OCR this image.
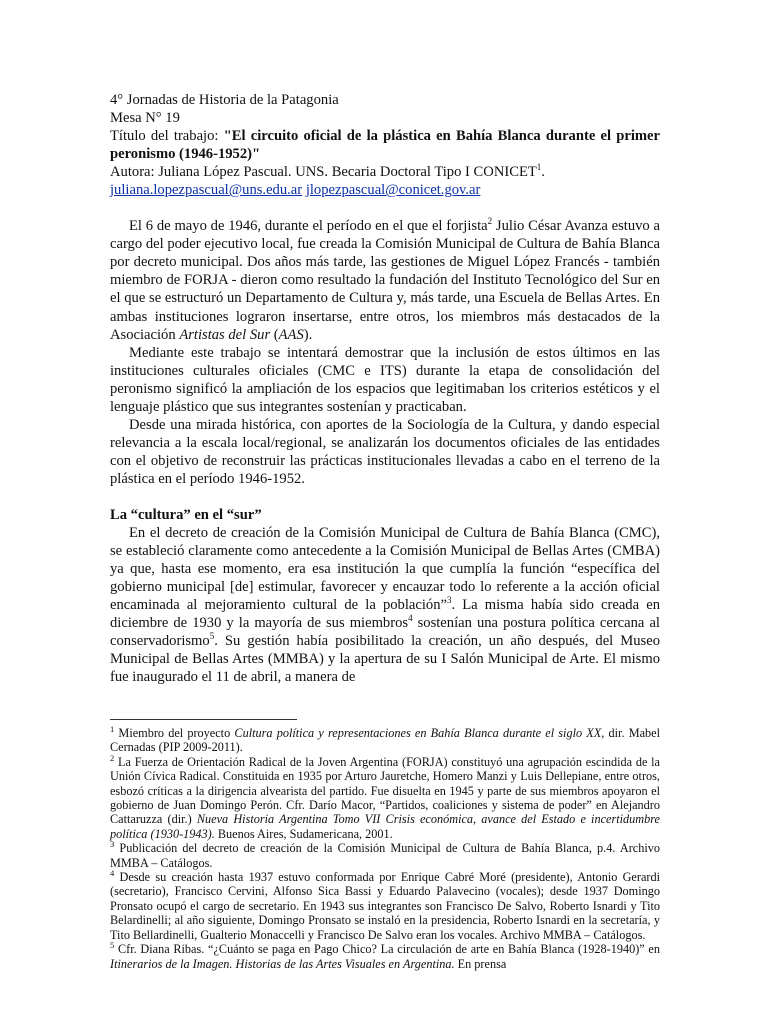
4° Jornadas de Historia de la Patagonia
Mesa N° 19
Título del trabajo: "El circuito oficial de la plástica en Bahía Blanca durante el primer peronismo (1946-1952)"
Autora: Juliana López Pascual. UNS. Becaria Doctoral Tipo I CONICET$^1$.
juliana.lopezpascual@uns.edu.ar jlopezpascual@conicet.gov.ar
El 6 de mayo de 1946, durante el período en el que el forjista$^2$ Julio César Avanza estuvo a cargo del poder ejecutivo local, fue creada la Comisión Municipal de Cultura de Bahía Blanca por decreto municipal. Dos años más tarde, las gestiones de Miguel López Francés - también miembro de FORJA - dieron como resultado la fundación del Instituto Tecnológico del Sur en el que se estructuró un Departamento de Cultura y, más tarde, una Escuela de Bellas Artes. En ambas instituciones lograron insertarse, entre otros, los miembros más destacados de la Asociación Artistas del Sur (AAS).
Mediante este trabajo se intentará demostrar que la inclusión de estos últimos en las instituciones culturales oficiales (CMC e ITS) durante la etapa de consolidación del peronismo significó la ampliación de los espacios que legitimaban los criterios estéticos y el lenguaje plástico que sus integrantes sostenían y practicaban.
Desde una mirada histórica, con aportes de la Sociología de la Cultura, y dando especial relevancia a la escala local/regional, se analizarán los documentos oficiales de las entidades con el objetivo de reconstruir las prácticas institucionales llevadas a cabo en el terreno de la plástica en el período 1946-1952.
La “cultura” en el “sur”
En el decreto de creación de la Comisión Municipal de Cultura de Bahía Blanca (CMC), se estableció claramente como antecedente a la Comisión Municipal de Bellas Artes (CMBA) ya que, hasta ese momento, era esa institución la que cumplía la función “específica del gobierno municipal [de] estimular, favorecer y encauzar todo lo referente a la acción oficial encaminada al mejoramiento cultural de la población”$^3$. La misma había sido creada en diciembre de 1930 y la mayoría de sus miembros$^4$ sostenían una postura política cercana al conservadorismo$^5$. Su gestión había posibilitado la creación, un año después, del Museo Municipal de Bellas Artes (MMBA) y la apertura de su I Salón Municipal de Arte. El mismo fue inaugurado el 11 de abril, a manera de

$^1$ Miembro del proyecto Cultura política y representaciones en Bahía Blanca durante el siglo XX, dir. Mabel Cernadas (PIP 2009-2011).

$^2$ La Fuerza de Orientación Radical de la Joven Argentina (FORJA) constituyó una agrupación escindida de la Unión Cívica Radical. Constituida en 1935 por Arturo Jauretche, Homero Manzi y Luis Dellepiane, entre otros, esbozó críticas a la dirigencia alvearista del partido. Fue disuelta en 1945 y parte de sus miembros apoyaron el gobierno de Juan Domingo Perón. Cfr. Darío Macor, “Partidos, coaliciones y sistema de poder” en Alejandro Cattaruzza (dir.) Nueva Historia Argentina Tomo VII Crisis económica, avance del Estado e incertidumbre política (1930-1943). Buenos Aires, Sudamericana, 2001.

$^3$ Publicación del decreto de creación de la Comisión Municipal de Cultura de Bahía Blanca, p.4. Archivo MMBA – Catálogos.

$^4$ Desde su creación hasta 1937 estuvo conformada por Enrique Cabré Moré (presidente), Antonio Gerardi (secretario), Francisco Cervini, Alfonso Sica Bassi y Eduardo Palavecino (vocales); desde 1937 Domingo Pronsato ocupó el cargo de secretario. En 1943 sus integrantes son Francisco De Salvo, Roberto Isnardi y Tito Belardinelli; al año siguiente, Domingo Pronsato se instaló en la presidencia, Roberto Isnardi en la secretaría, y Tito Bellardinelli, Gualterio Monaccelli y Francisco De Salvo eran los vocales. Archivo MMBA – Catálogos.

$^5$ Cfr. Diana Ribas. “¿Cuánto se paga en Pago Chico? La circulación de arte en Bahía Blanca (1928-1940)” en Itinerarios de la Imagen. Historias de las Artes Visuales en Argentina. En prensa
